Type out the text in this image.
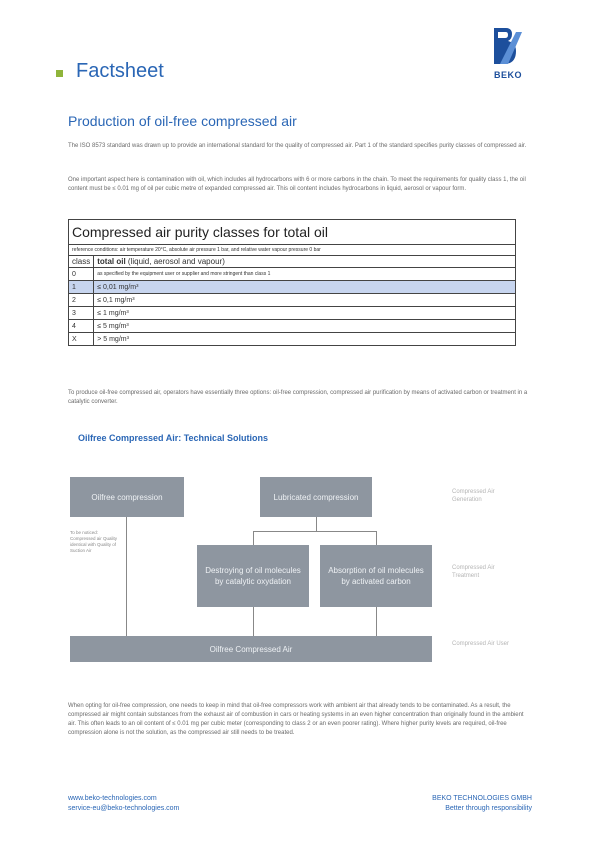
Factsheet	BEKO
Production of oil-free compressed air
The ISO 8573 standard was drawn up to provide an international standard for the quality of compressed air. Part 1 of the standard specifies purity classes of compressed air.
One important aspect here is contamination with oil, which includes all hydrocarbons with 6 or more carbons in the chain. To meet the requirements for quality class 1, the oil content must be ≤ 0.01 mg of oil per cubic metre of expanded compressed air. This oil content includes hydrocarbons in liquid, aerosol or vapour form.
Compressed air purity classes for total oil	
reference conditions: air temperature 20°C, absolute air pressure 1 bar, and relative water vapour pressure 0 bar	
class	total oil (liquid, aerosol and vapour)
0	as specified by the equipment user or supplier and more stringent than class 1
1	≤ 0,01 mg/m³
2	≤ 0,1 mg/m³
3	≤ 1 mg/m³
4	≤ 5 mg/m³
X	> 5 mg/m³
To produce oil-free compressed air, operators have essentially three options: oil-free compression, compressed air purification by means of activated carbon or treatment in a catalytic converter.
Oilfree Compressed Air: Technical Solutions
Oilfree compression	Lubricated compression
Destroying of oil molecules by catalytic oxydation
Absorption of oil molecules by activated carbon
Oilfree Compressed Air
To be noticed: Compressed air Quality identical with Quality of Suction Air
Compressed Air Generation
Compressed Air Treatment
Compressed Air User
When opting for oil-free compression, one needs to keep in mind that oil-free compressors work with ambient air that already tends to be contaminated. As a result, the compressed air might contain substances from the exhaust air of combustion in cars or heating systems in an even higher concentration than originally found in the ambient air. This often leads to an oil content of ≤ 0.01 mg per cubic meter (corresponding to class 2 or an even poorer rating). Where higher purity levels are required, oil-free compression alone is not the solution, as the compressed air still needs to be treated.
www.beko-technologies.com
service-eu@beko-technologies.com
BEKO TECHNOLOGIES GMBH
Better through responsibility
